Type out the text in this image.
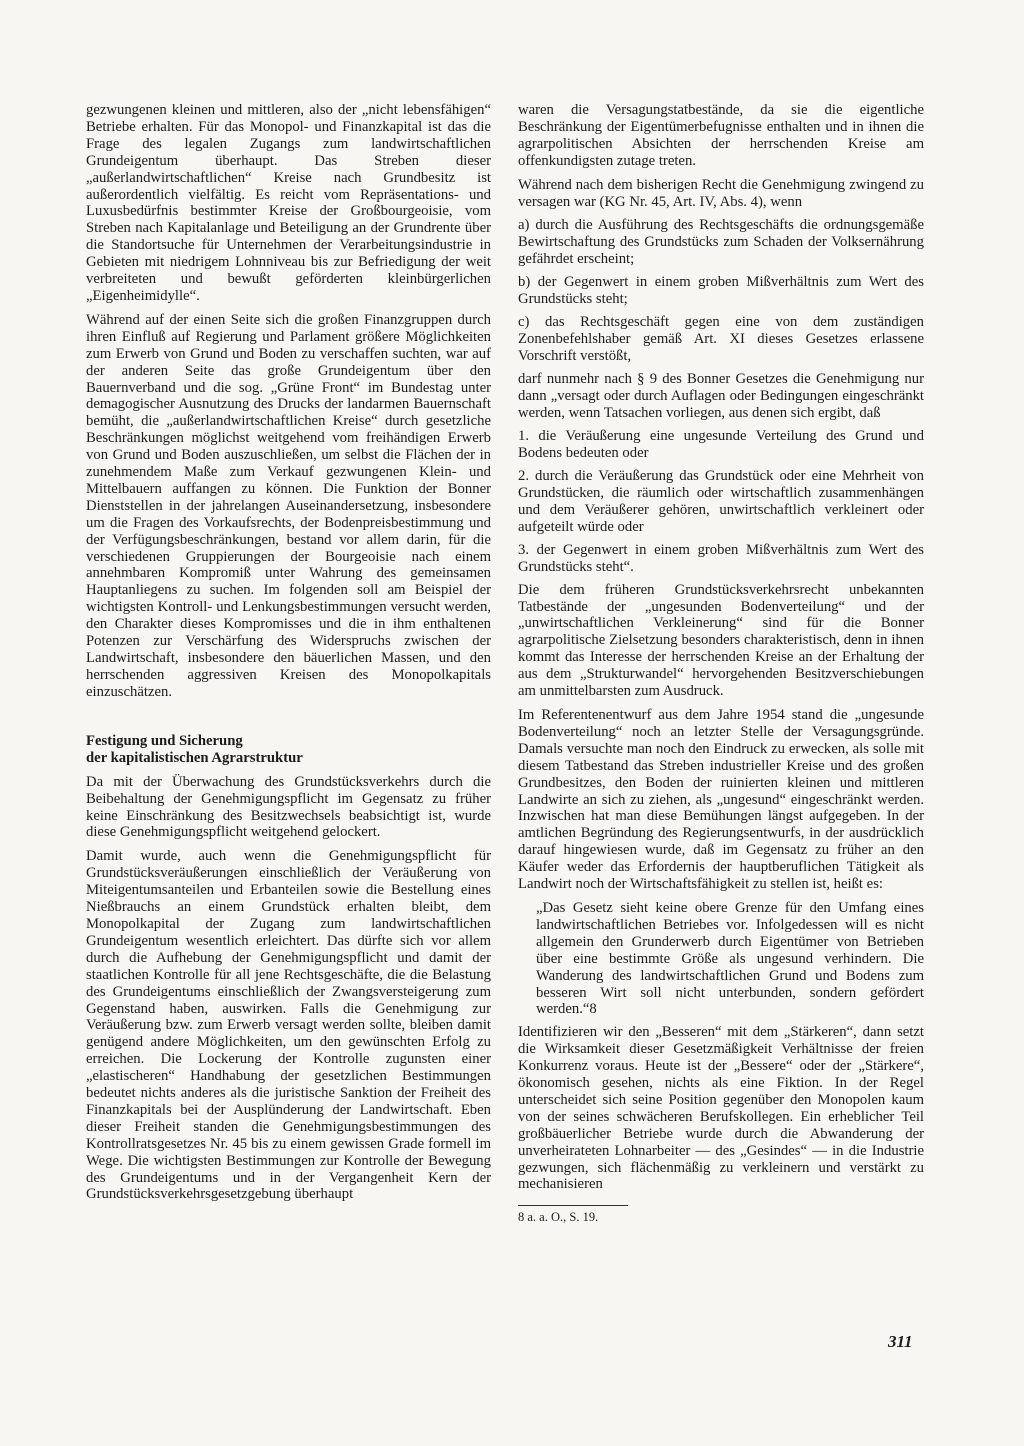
gezwungenen kleinen und mittleren, also der „nicht lebensfähigen“ Betriebe erhalten. Für das Monopol- und Finanzkapital ist das die Frage des legalen Zugangs zum landwirtschaftlichen Grundeigentum überhaupt. Das Streben dieser „außerlandwirtschaftlichen“ Kreise nach Grundbesitz ist außerordentlich vielfältig. Es reicht vom Repräsentations- und Luxusbedürfnis bestimmter Kreise der Großbourgeoisie, vom Streben nach Kapitalanlage und Beteiligung an der Grundrente über die Standortsuche für Unternehmen der Verarbeitungsindustrie in Gebieten mit niedrigem Lohnniveau bis zur Befriedigung der weit verbreiteten und bewußt geförderten kleinbürgerlichen „Eigenheimidylle“.

Während auf der einen Seite sich die großen Finanzgruppen durch ihren Einfluß auf Regierung und Parlament größere Möglichkeiten zum Erwerb von Grund und Boden zu verschaffen suchten, war auf der anderen Seite das große Grundeigentum über den Bauernverband und die sog. „Grüne Front“ im Bundestag unter demagogischer Ausnutzung des Drucks der landarmen Bauernschaft bemüht, die „außerlandwirtschaftlichen Kreise“ durch gesetzliche Beschränkungen möglichst weitgehend vom freihändigen Erwerb von Grund und Boden auszuschließen, um selbst die Flächen der in zunehmendem Maße zum Verkauf gezwungenen Klein- und Mittelbauern auffangen zu können. Die Funktion der Bonner Dienststellen in der jahrelangen Auseinandersetzung, insbesondere um die Fragen des Vorkaufsrechts, der Bodenpreisbestimmung und der Verfügungsbeschränkungen, bestand vor allem darin, für die verschiedenen Gruppierungen der Bourgeoisie nach einem annehmbaren Kompromiß unter Wahrung des gemeinsamen Hauptanliegens zu suchen. Im folgenden soll am Beispiel der wichtigsten Kontroll- und Lenkungsbestimmungen versucht werden, den Charakter dieses Kompromisses und die in ihm enthaltenen Potenzen zur Verschärfung des Widerspruchs zwischen der Landwirtschaft, insbesondere den bäuerlichen Massen, und den herrschenden aggressiven Kreisen des Monopolkapitals einzuschätzen.

Festigung und Sicherung
der kapitalistischen Agrarstruktur

Da mit der Überwachung des Grundstücksverkehrs durch die Beibehaltung der Genehmigungspflicht im Gegensatz zu früher keine Einschränkung des Besitzwechsels beabsichtigt ist, wurde diese Genehmigungspflicht weitgehend gelockert.

Damit wurde, auch wenn die Genehmigungspflicht für Grundstücksveräußerungen einschließlich der Veräußerung von Miteigentumsanteilen und Erbanteilen sowie die Bestellung eines Nießbrauchs an einem Grundstück erhalten bleibt, dem Monopolkapital der Zugang zum landwirtschaftlichen Grundeigentum wesentlich erleichtert. Das dürfte sich vor allem durch die Aufhebung der Genehmigungspflicht und damit der staatlichen Kontrolle für all jene Rechtsgeschäfte, die die Belastung des Grundeigentums einschließlich der Zwangsversteigerung zum Gegenstand haben, auswirken. Falls die Genehmigung zur Veräußerung bzw. zum Erwerb versagt werden sollte, bleiben damit genügend andere Möglichkeiten, um den gewünschten Erfolg zu erreichen. Die Lockerung der Kontrolle zugunsten einer „elastischeren“ Handhabung der gesetzlichen Bestimmungen bedeutet nichts anderes als die juristische Sanktion der Freiheit des Finanzkapitals bei der Ausplünderung der Landwirtschaft. Eben dieser Freiheit standen die Genehmigungsbestimmungen des Kontrollratsgesetzes Nr. 45 bis zu einem gewissen Grade formell im Wege. Die wichtigsten Bestimmungen zur Kontrolle der Bewegung des Grundeigentums und in der Vergangenheit Kern der Grundstücksverkehrsgesetzgebung überhaupt

waren die Versagungstatbestände, da sie die eigentliche Beschränkung der Eigentümerbefugnisse enthalten und in ihnen die agrarpolitischen Absichten der herrschenden Kreise am offenkundigsten zutage treten.

Während nach dem bisherigen Recht die Genehmigung zwingend zu versagen war (KG Nr. 45, Art. IV, Abs. 4), wenn

a) durch die Ausführung des Rechtsgeschäfts die ordnungsgemäße Bewirtschaftung des Grundstücks zum Schaden der Volksernährung gefährdet erscheint;

b) der Gegenwert in einem groben Mißverhältnis zum Wert des Grundstücks steht;

c) das Rechtsgeschäft gegen eine von dem zuständigen Zonenbefehlshaber gemäß Art. XI dieses Gesetzes erlassene Vorschrift verstößt,

darf nunmehr nach § 9 des Bonner Gesetzes die Genehmigung nur dann „versagt oder durch Auflagen oder Bedingungen eingeschränkt werden, wenn Tatsachen vorliegen, aus denen sich ergibt, daß

1. die Veräußerung eine ungesunde Verteilung des Grund und Bodens bedeuten oder

2. durch die Veräußerung das Grundstück oder eine Mehrheit von Grundstücken, die räumlich oder wirtschaftlich zusammenhängen und dem Veräußerer gehören, unwirtschaftlich verkleinert oder aufgeteilt würde oder

3. der Gegenwert in einem groben Mißverhältnis zum Wert des Grundstücks steht“.

Die dem früheren Grundstücksverkehrsrecht unbekannten Tatbestände der „ungesunden Bodenverteilung“ und der „unwirtschaftlichen Verkleinerung“ sind für die Bonner agrarpolitische Zielsetzung besonders charakteristisch, denn in ihnen kommt das Interesse der herrschenden Kreise an der Erhaltung der aus dem „Strukturwandel“ hervorgehenden Besitzverschiebungen am unmittelbarsten zum Ausdruck.

Im Referentenentwurf aus dem Jahre 1954 stand die „ungesunde Bodenverteilung“ noch an letzter Stelle der Versagungsgründe. Damals versuchte man noch den Eindruck zu erwecken, als solle mit diesem Tatbestand das Streben industrieller Kreise und des großen Grundbesitzes, den Boden der ruinierten kleinen und mittleren Landwirte an sich zu ziehen, als „ungesund“ eingeschränkt werden. Inzwischen hat man diese Bemühungen längst aufgegeben. In der amtlichen Begründung des Regierungsentwurfs, in der ausdrücklich darauf hingewiesen wurde, daß im Gegensatz zu früher an den Käufer weder das Erfordernis der hauptberuflichen Tätigkeit als Landwirt noch der Wirtschaftsfähigkeit zu stellen ist, heißt es:

„Das Gesetz sieht keine obere Grenze für den Umfang eines landwirtschaftlichen Betriebes vor. Infolgedessen will es nicht allgemein den Grunderwerb durch Eigentümer von Betrieben über eine bestimmte Größe als ungesund verhindern. Die Wanderung des landwirtschaftlichen Grund und Bodens zum besseren Wirt soll nicht unterbunden, sondern gefördert werden.“8

Identifizieren wir den „Besseren“ mit dem „Stärkeren“, dann setzt die Wirksamkeit dieser Gesetzmäßigkeit Verhältnisse der freien Konkurrenz voraus. Heute ist der „Bessere“ oder der „Stärkere“, ökonomisch gesehen, nichts als eine Fiktion. In der Regel unterscheidet sich seine Position gegenüber den Monopolen kaum von der seines schwächeren Berufskollegen. Ein erheblicher Teil großbäuerlicher Betriebe wurde durch die Abwanderung der unverheirateten Lohnarbeiter — des „Gesindes“ — in die Industrie gezwungen, sich flächenmäßig zu verkleinern und verstärkt zu mechanisieren

8 a. a. O., S. 19.
311
